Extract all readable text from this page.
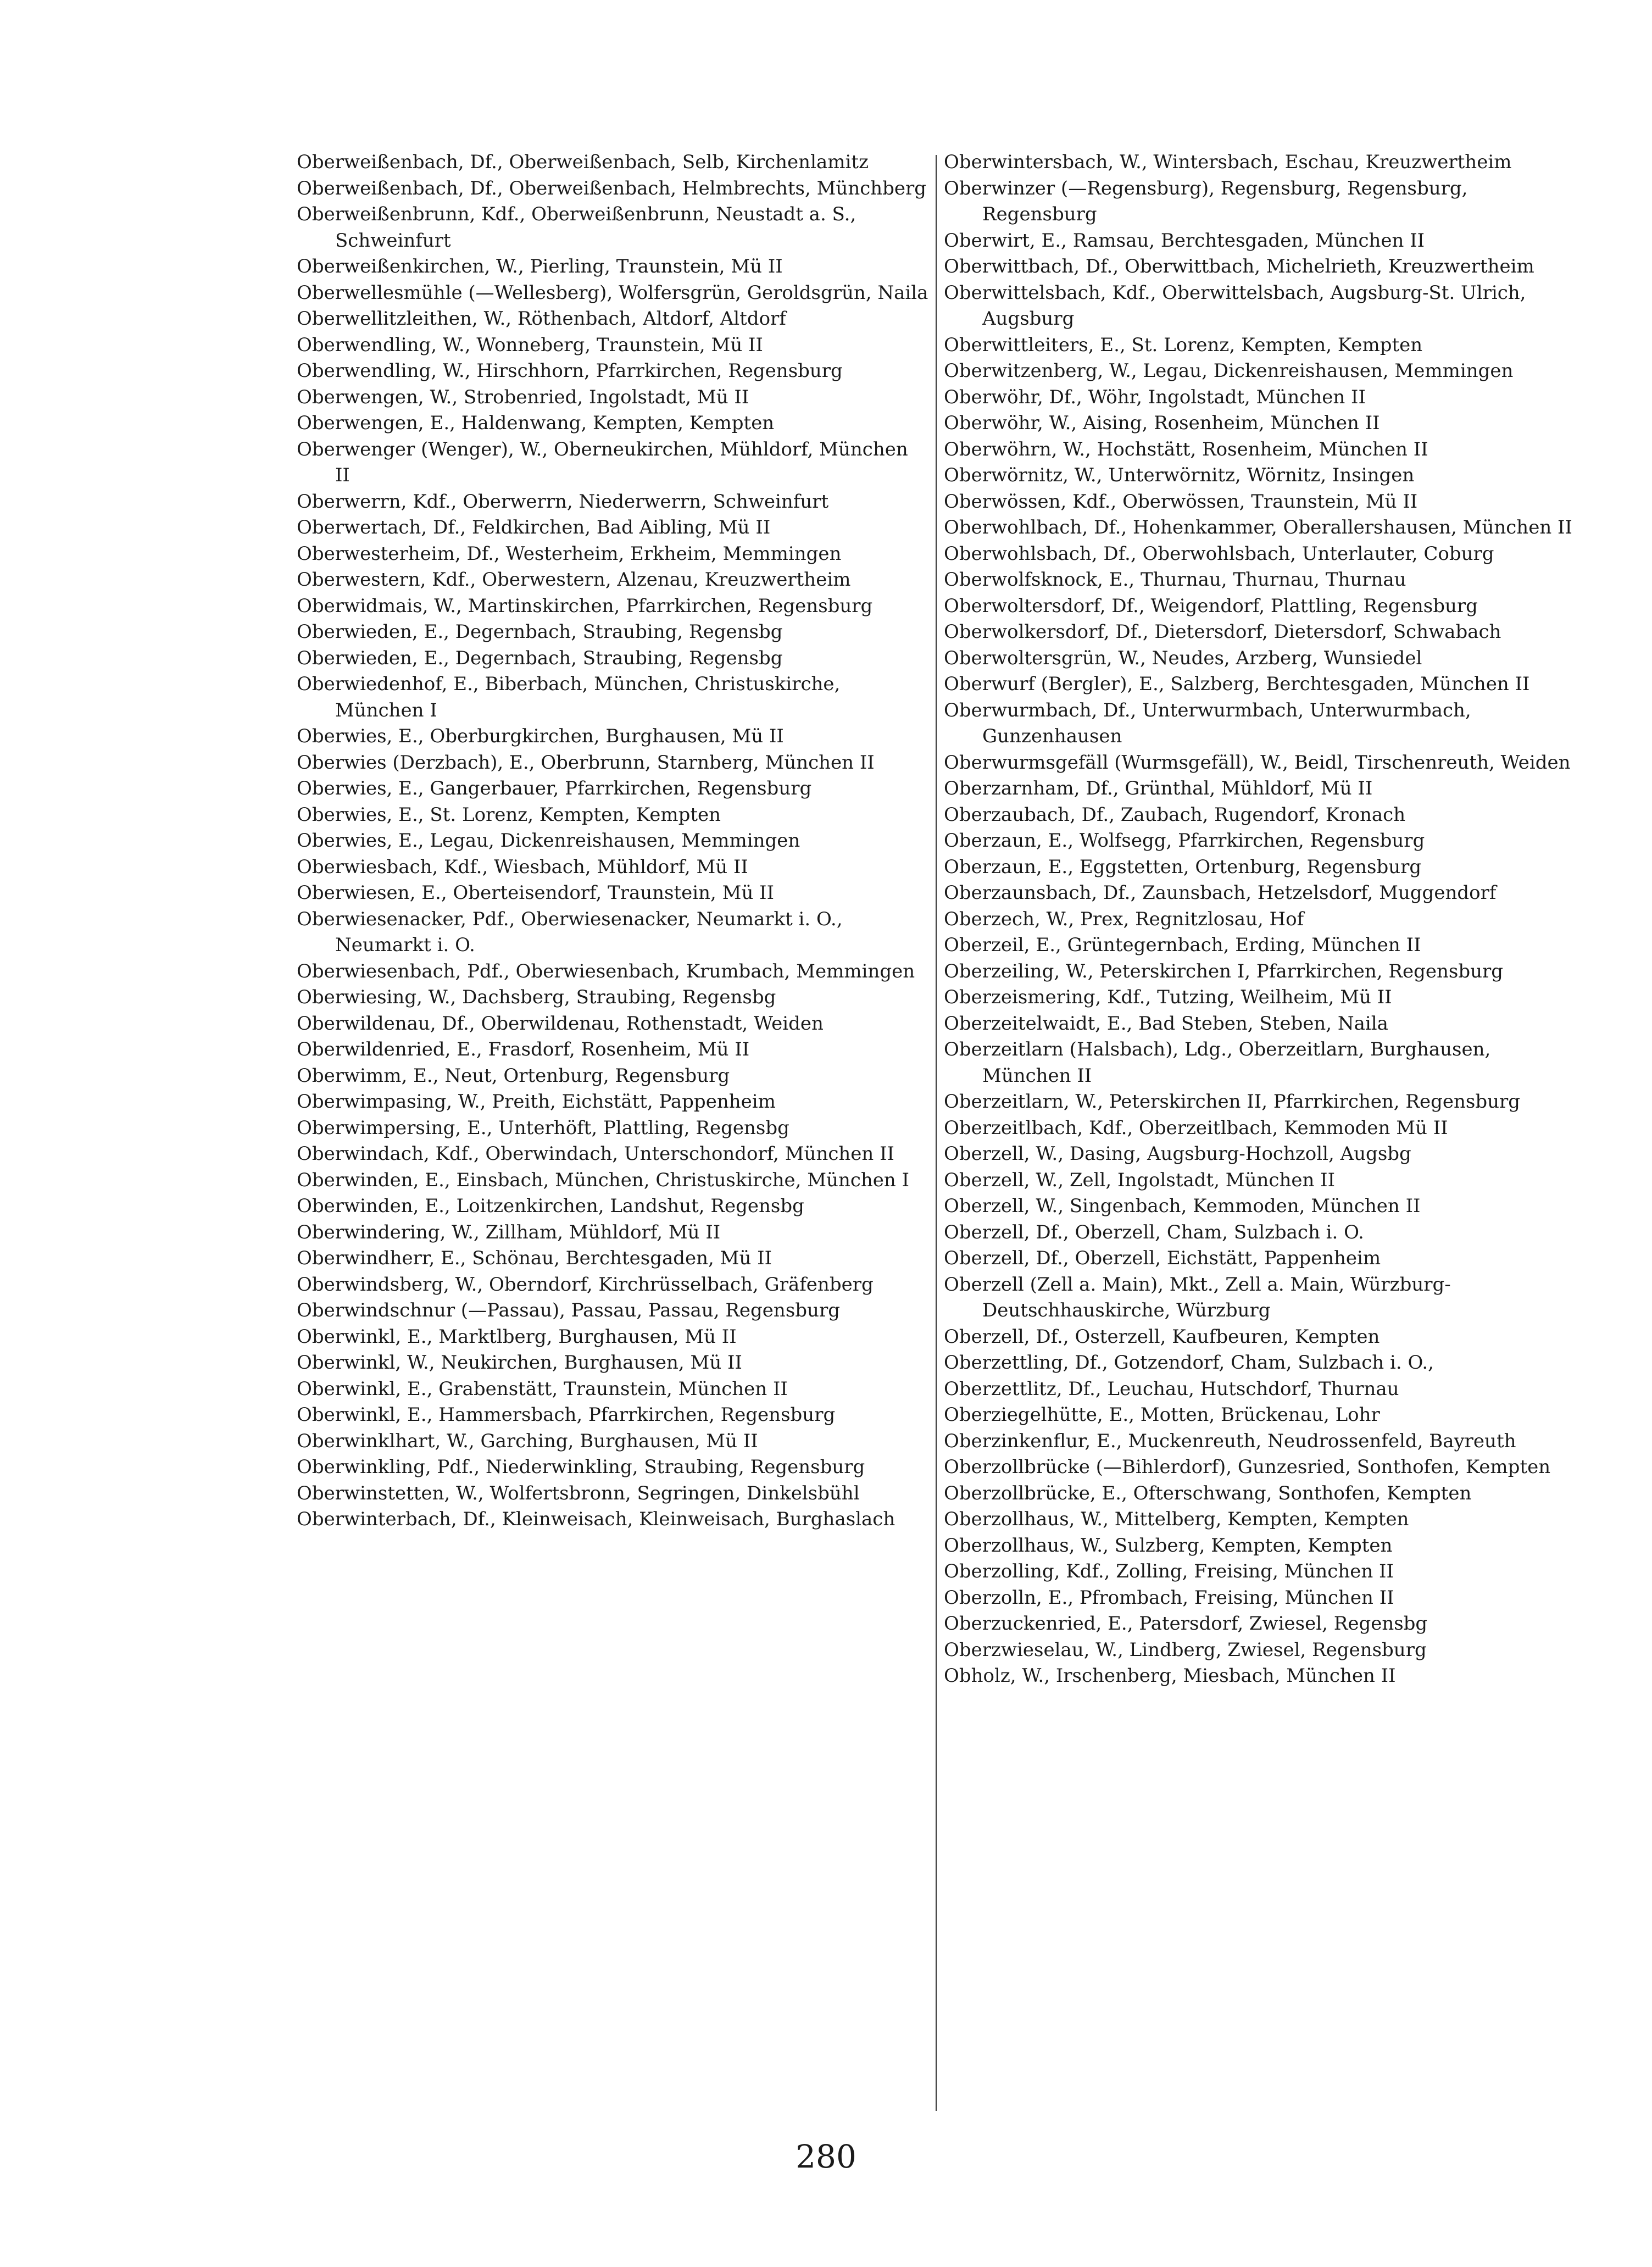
Oberweißenbach, Df., Oberweißenbach, Selb, Kirchenlamitz

Oberweißenbach, Df., Oberweißenbach, Helmbrechts, Münchberg

Oberweißenbrunn, Kdf., Oberweißenbrunn, Neustadt a. S., Schweinfurt

Oberweißenkirchen, W., Pierling, Traunstein, Mü II

Oberwellesmühle (—Wellesberg), Wolfersgrün, Geroldsgrün, Naila

Oberwellitzleithen, W., Röthenbach, Altdorf, Altdorf

Oberwendling, W., Wonneberg, Traunstein, Mü II

Oberwendling, W., Hirschhorn, Pfarrkirchen, Regensburg

Oberwengen, W., Strobenried, Ingolstadt, Mü II

Oberwengen, E., Haldenwang, Kempten, Kempten

Oberwenger (Wenger), W., Oberneukirchen, Mühldorf, München II

Oberwerrn, Kdf., Oberwerrn, Niederwerrn, Schweinfurt

Oberwertach, Df., Feldkirchen, Bad Aibling, Mü II

Oberwesterheim, Df., Westerheim, Erkheim, Memmingen

Oberwestern, Kdf., Oberwestern, Alzenau, Kreuzwertheim

Oberwidmais, W., Martinskirchen, Pfarrkirchen, Regensburg

Oberwieden, E., Degernbach, Straubing, Regensbg

Oberwieden, E., Degernbach, Straubing, Regensbg

Oberwiedenhof, E., Biberbach, München, Christuskirche, München I

Oberwies, E., Oberburgkirchen, Burghausen, Mü II

Oberwies (Derzbach), E., Oberbrunn, Starnberg, München II

Oberwies, E., Gangerbauer, Pfarrkirchen, Regensburg

Oberwies, E., St. Lorenz, Kempten, Kempten

Oberwies, E., Legau, Dickenreishausen, Memmingen

Oberwiesbach, Kdf., Wiesbach, Mühldorf, Mü II

Oberwiesen, E., Oberteisendorf, Traunstein, Mü II

Oberwiesenacker, Pdf., Oberwiesenacker, Neumarkt i. O., Neumarkt i. O.

Oberwiesenbach, Pdf., Oberwiesenbach, Krumbach, Memmingen

Oberwiesing, W., Dachsberg, Straubing, Regensbg

Oberwildenau, Df., Oberwildenau, Rothenstadt, Weiden

Oberwildenried, E., Frasdorf, Rosenheim, Mü II

Oberwimm, E., Neut, Ortenburg, Regensburg

Oberwimpasing, W., Preith, Eichstätt, Pappenheim

Oberwimpersing, E., Unterhöft, Plattling, Regensbg

Oberwindach, Kdf., Oberwindach, Unterschondorf, München II

Oberwinden, E., Einsbach, München, Christuskirche, München I

Oberwinden, E., Loitzenkirchen, Landshut, Regensbg

Oberwindering, W., Zillham, Mühldorf, Mü II

Oberwindherr, E., Schönau, Berchtesgaden, Mü II

Oberwindsberg, W., Oberndorf, Kirchrüsselbach, Gräfenberg

Oberwindschnur (—Passau), Passau, Passau, Regensburg

Oberwinkl, E., Marktlberg, Burghausen, Mü II

Oberwinkl, W., Neukirchen, Burghausen, Mü II

Oberwinkl, E., Grabenstätt, Traunstein, München II

Oberwinkl, E., Hammersbach, Pfarrkirchen, Regensburg

Oberwinklhart, W., Garching, Burghausen, Mü II

Oberwinkling, Pdf., Niederwinkling, Straubing, Regensburg

Oberwinstetten, W., Wolfertsbronn, Segringen, Dinkelsbühl

Oberwinterbach, Df., Kleinweisach, Kleinweisach, Burghaslach

Oberwintersbach, W., Wintersbach, Eschau, Kreuzwertheim

Oberwinzer (—Regensburg), Regensburg, Regensburg, Regensburg

Oberwirt, E., Ramsau, Berchtesgaden, München II

Oberwittbach, Df., Oberwittbach, Michelrieth, Kreuzwertheim

Oberwittelsbach, Kdf., Oberwittelsbach, Augsburg-St. Ulrich, Augsburg

Oberwittleiters, E., St. Lorenz, Kempten, Kempten

Oberwitzenberg, W., Legau, Dickenreishausen, Memmingen

Oberwöhr, Df., Wöhr, Ingolstadt, München II

Oberwöhr, W., Aising, Rosenheim, München II

Oberwöhrn, W., Hochstätt, Rosenheim, München II

Oberwörnitz, W., Unterwörnitz, Wörnitz, Insingen

Oberwössen, Kdf., Oberwössen, Traunstein, Mü II

Oberwohlbach, Df., Hohenkammer, Oberallershausen, München II

Oberwohlsbach, Df., Oberwohlsbach, Unterlauter, Coburg

Oberwolfsknock, E., Thurnau, Thurnau, Thurnau

Oberwoltersdorf, Df., Weigendorf, Plattling, Regensburg

Oberwolkersdorf, Df., Dietersdorf, Dietersdorf, Schwabach

Oberwoltersgrün, W., Neudes, Arzberg, Wunsiedel

Oberwurf (Bergler), E., Salzberg, Berchtesgaden, München II

Oberwurmbach, Df., Unterwurmbach, Unterwurmbach, Gunzenhausen

Oberwurmsgefäll (Wurmsgefäll), W., Beidl, Tirschenreuth, Weiden

Oberzarnham, Df., Grünthal, Mühldorf, Mü II

Oberzaubach, Df., Zaubach, Rugendorf, Kronach

Oberzaun, E., Wolfsegg, Pfarrkirchen, Regensburg

Oberzaun, E., Eggstetten, Ortenburg, Regensburg

Oberzaunsbach, Df., Zaunsbach, Hetzelsdorf, Muggendorf

Oberzech, W., Prex, Regnitzlosau, Hof

Oberzeil, E., Grüntegernbach, Erding, München II

Oberzeiling, W., Peterskirchen I, Pfarrkirchen, Regensburg

Oberzeismering, Kdf., Tutzing, Weilheim, Mü II

Oberzeitelwaidt, E., Bad Steben, Steben, Naila

Oberzeitlarn (Halsbach), Ldg., Oberzeitlarn, Burghausen, München II

Oberzeitlarn, W., Peterskirchen II, Pfarrkirchen, Regensburg

Oberzeitlbach, Kdf., Oberzeitlbach, Kemmoden Mü II

Oberzell, W., Dasing, Augsburg-Hochzoll, Augsbg

Oberzell, W., Zell, Ingolstadt, München II

Oberzell, W., Singenbach, Kemmoden, München II

Oberzell, Df., Oberzell, Cham, Sulzbach i. O.

Oberzell, Df., Oberzell, Eichstätt, Pappenheim

Oberzell (Zell a. Main), Mkt., Zell a. Main, Würzburg-Deutschhauskirche, Würzburg

Oberzell, Df., Osterzell, Kaufbeuren, Kempten

Oberzettling, Df., Gotzendorf, Cham, Sulzbach i. O.,

Oberzettlitz, Df., Leuchau, Hutschdorf, Thurnau

Oberziegelhütte, E., Motten, Brückenau, Lohr

Oberzinkenflur, E., Muckenreuth, Neudrossenfeld, Bayreuth

Oberzollbrücke (—Bihlerdorf), Gunzesried, Sonthofen, Kempten

Oberzollbrücke, E., Ofterschwang, Sonthofen, Kempten

Oberzollhaus, W., Mittelberg, Kempten, Kempten

Oberzollhaus, W., Sulzberg, Kempten, Kempten

Oberzolling, Kdf., Zolling, Freising, München II

Oberzolln, E., Pfrombach, Freising, München II

Oberzuckenried, E., Patersdorf, Zwiesel, Regensbg

Oberzwieselau, W., Lindberg, Zwiesel, Regensburg

Obholz, W., Irschenberg, Miesbach, München II

280
